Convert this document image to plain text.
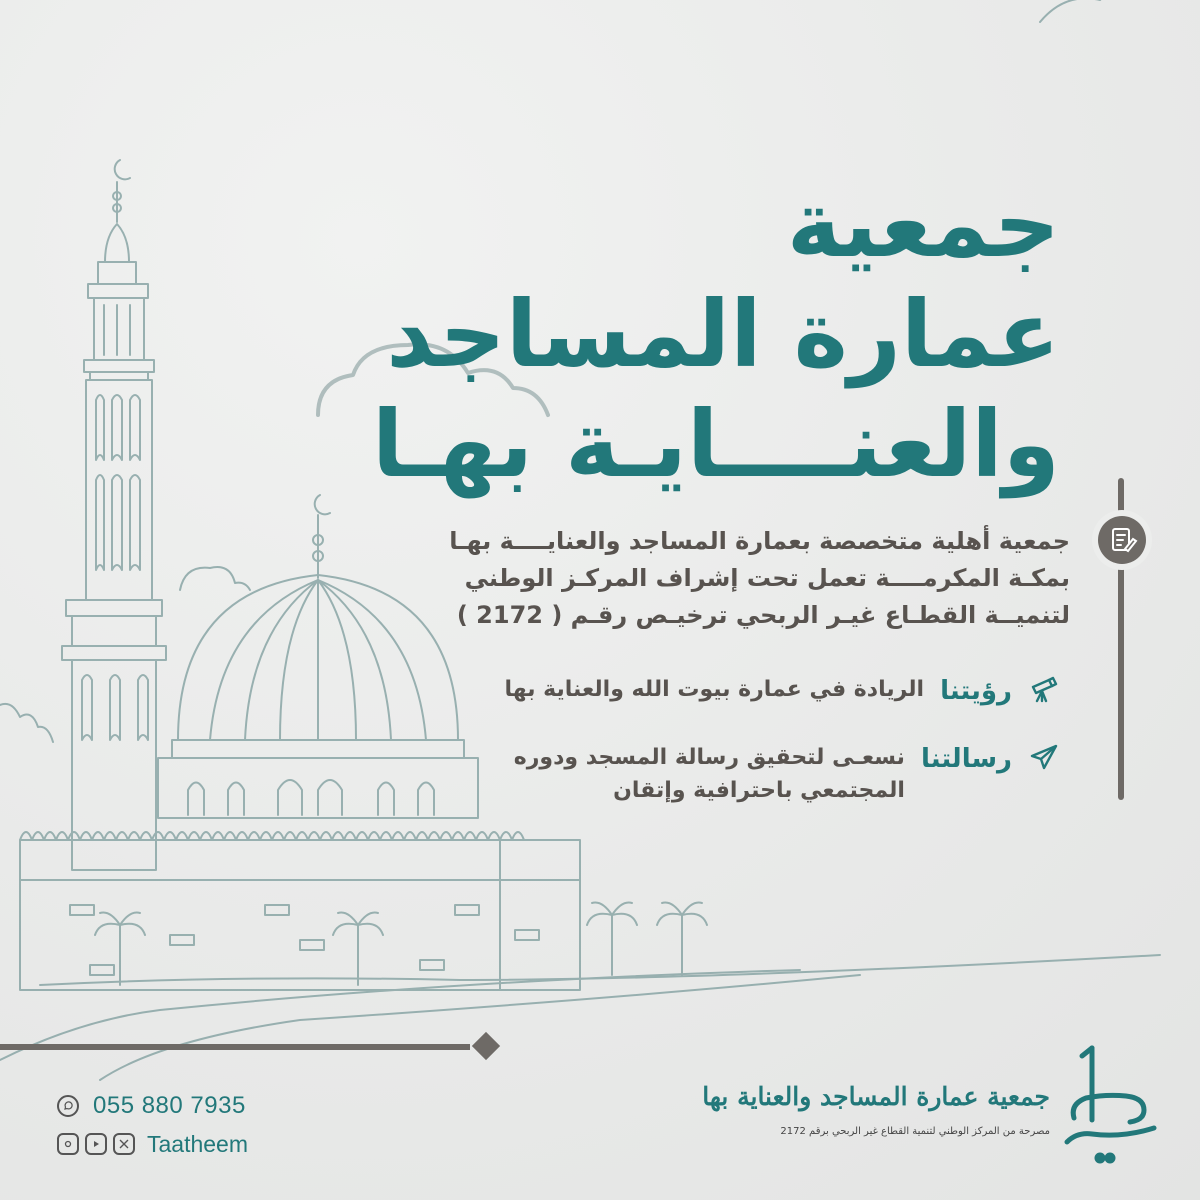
جمعية
عمارة المساجد
والعنــــايـة بهـا
جمعية أهلية متخصصة بعمارة المساجد والعنايــــة بهـا
بمكـة المكرمــــة تعمل تحت إشراف المركـز الوطني
لتنميــة القطـاع غيـر الربحي ترخيـص رقـم ( 2172 )
رؤيتنا
الريادة في عمارة بيوت الله والعناية بها
رسالتنا
نسعـى لتحقيق رسالة المسجد ودوره المجتمعي باحترافية وإتقان
055 880 7935
Taatheem
جمعية عمارة المساجد والعناية بها
مصرحة من المركز الوطني لتنمية القطاع غير الربحي برقم 2172
